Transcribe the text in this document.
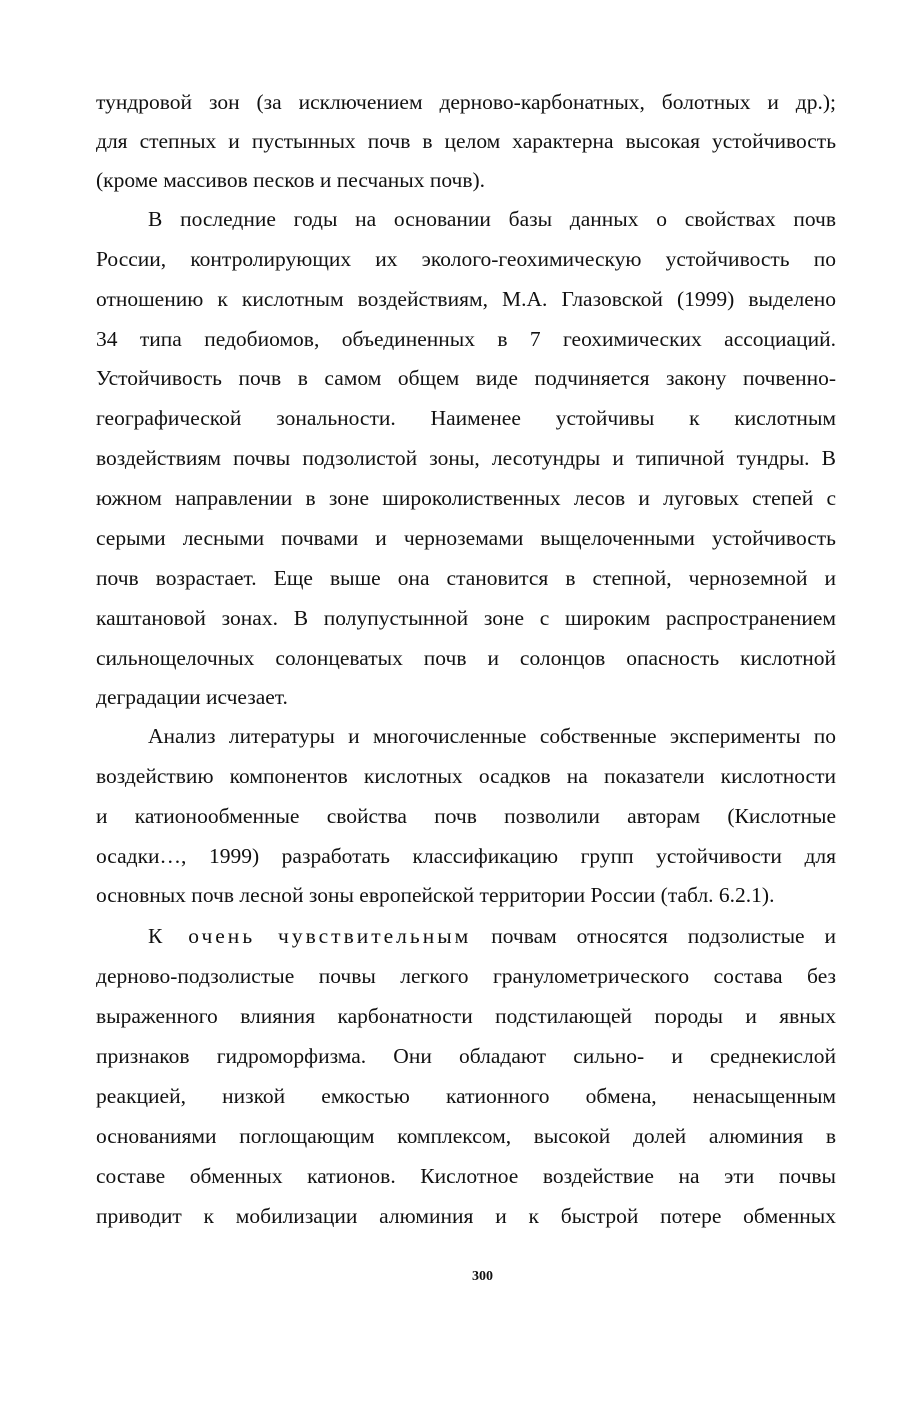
тундровой зон (за исключением дерново-карбонатных, болотных и др.);
для степных и пустынных почв в целом характерна высокая устойчивость
(кроме массивов песков и песчаных почв).
В последние годы на основании базы данных о свойствах почв
России, контролирующих их эколого-геохимическую устойчивость по
отношению к кислотным воздействиям, М.А. Глазовской (1999) выделено
34 типа педобиомов, объединенных в 7 геохимических ассоциаций.
Устойчивость почв в самом общем виде подчиняется закону почвенно-
географической зональности. Наименее устойчивы к кислотным
воздействиям почвы подзолистой зоны, лесотундры и типичной тундры. В
южном направлении в зоне широколиственных лесов и луговых степей с
серыми лесными почвами и черноземами выщелоченными устойчивость
почв возрастает. Еще выше она становится в степной, черноземной и
каштановой зонах. В полупустынной зоне с широким распространением
сильнощелочных солонцеватых почв и солонцов опасность кислотной
деградации исчезает.
Анализ литературы и многочисленные собственные эксперименты по
воздействию компонентов кислотных осадков на показатели кислотности
и катионообменные свойства почв позволили авторам (Кислотные
осадки…, 1999) разработать классификацию групп устойчивости для
основных почв лесной зоны европейской территории России (табл. 6.2.1).
К очень чувствительным почвам относятся подзолистые и
дерново-подзолистые почвы легкого гранулометрического состава без
выраженного влияния карбонатности подстилающей породы и явных
признаков гидроморфизма. Они обладают сильно- и среднекислой
реакцией, низкой емкостью катионного обмена, ненасыщенным
основаниями поглощающим комплексом, высокой долей алюминия в
составе обменных катионов. Кислотное воздействие на эти почвы
приводит к мобилизации алюминия и к быстрой потере обменных
300
